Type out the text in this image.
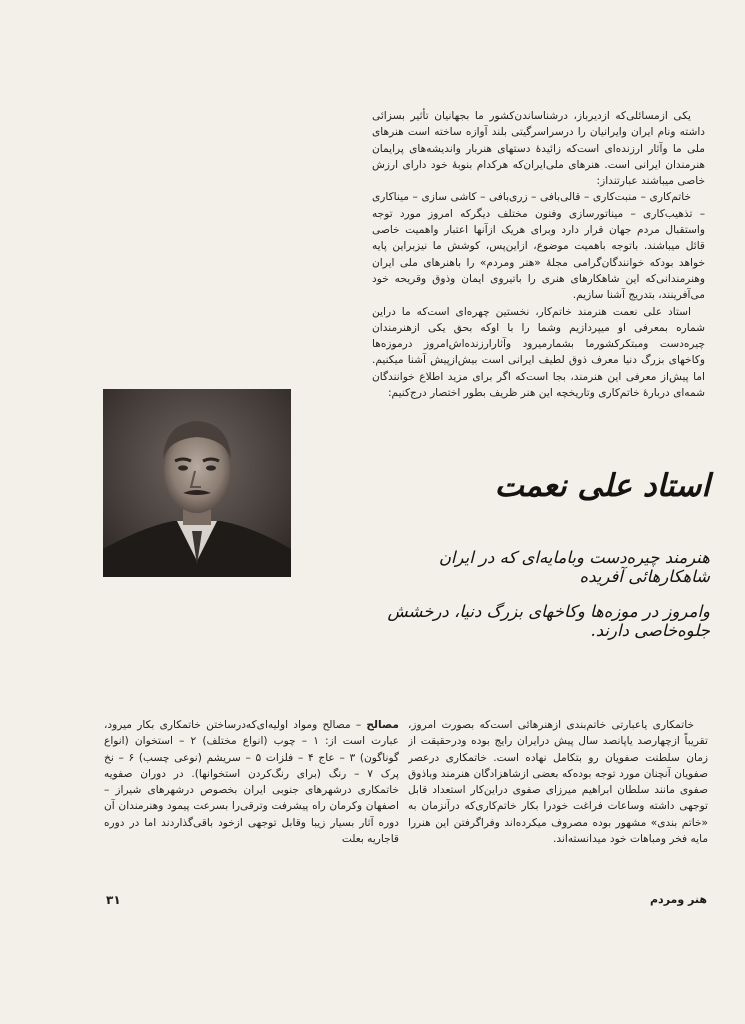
یکی ازمسائلی‌که ازدیرباز، درشناساندن‌کشور ما بجهانیان تأثیر بسزائی داشته ونام ایران وایرانیان را درسراسرگیتی بلند آوازه ساخته است هنرهای ملی ما وآثار ارزنده‌ای است‌که زائیدهٔ دستهای هنربار واندیشه‌های پرایمان هنرمندان ایرانی است. هنرهای ملی‌ایران‌که هرکدام بنوبهٔ خود دارای ارزش خاصی میباشند عبارتنداز:

خاتم‌کاری – منبت‌کاری – قالی‌بافی – زری‌بافی – کاشی سازی – میناکاری – تذهیب‌کاری – میناتورسازی وفنون مختلف دیگر‌که امروز مورد توجه واستقبال مردم جهان قرار دارد وبرای هریک ازآنها اعتبار واهمیت خاصی قائل میباشند. باتوجه باهمیت موضوع، ازاین‌پس، کوشش ما نیزبراین پایه خواهد بودکه خوانندگان‌گرامی مجلهٔ «هنر ومردم» را باهنرهای ملی ایران وهنرمندانی‌که این شاهکارهای هنری را باتیروی ایمان وذوق وقریحه خود می‌آفرینند، بتدریج آشنا سازیم.

استاد علی نعمت هنرمند خاتم‌کار، نخستین چهره‌ای است‌که ما دراین شماره بمعرفی او میپردازیم وشما را با او‌که بحق یکی ازهنرمندان چیره‌دست ومبتکرکشورما بشمارمیرود وآثارارزنده‌اش‌امروز درموزه‌ها وکاخهای بزرگ دنیا معرف ذوق لطیف ایرانی است بیش‌ازپیش آشنا میکنیم. اما پیش‌از معرفی این هنرمند، بجا است‌که اگر برای مزید اطلاع خوانندگان شمه‌ای دربارهٔ خاتم‌کاری وتاریخچه این هنر ظریف بطور اختصار درج‌کنیم:

استاد علی نعمت
هنرمند چیره‌دست وبامایه‌ای که در ایران شاهکارهائی آفریده
وامروز در موزه‌ها وکاخهای بزرگ دنیا، درخشش جلوه‌خاصی دارند.

خاتمکاری یاعبارتی خاتم‌بندی ازهنرهائی است‌که بصورت امروز، تقریباً ازچهارصد یاپانصد سال پیش درایران رایج بوده ودرحقیقت از زمان سلطنت صفویان رو بتکامل نهاده است. خاتمکاری درعصر صفویان آنچنان مورد توجه بوده‌که بعضی ازشاهزادگان هنرمند وباذوق صفوی مانند سلطان ابراهیم میرزای صفوی دراین‌کار استعداد قابل توجهی داشته وساعات فراغت خودرا بکار خاتم‌کاری‌که درآنزمان به «خاتم بندی» مشهور بوده مصروف میکرده‌اند وفراگرفتن این هنررا مایه فخر ومباهات خود میدانسته‌اند.

مصالح – مصالح ومواد اولیه‌ای‌که‌درساختن خاتمکاری بکار میرود، عبارت است از: ۱ – چوب (انواع مختلف) ۲ – استخوان (انواع گوناگون) ۳ – عاج ۴ – فلزات ۵ – سریشم (نوعی چسب) ۶ – نخ پرک ۷ – رنگ (برای رنگ‌کردن استخوانها). در دوران صفویه خاتمکاری درشهرهای جنوبی ایران بخصوص درشهرهای شیراز – اصفهان وکرمان راه پیشرفت وترقی‌را بسرعت پیمود وهنرمندان آن دوره آثار بسیار زیبا وقابل توجهی ازخود باقی‌گذاردند اما در دوره قاجاریه بعلت

۳۱	هنر ومردم
